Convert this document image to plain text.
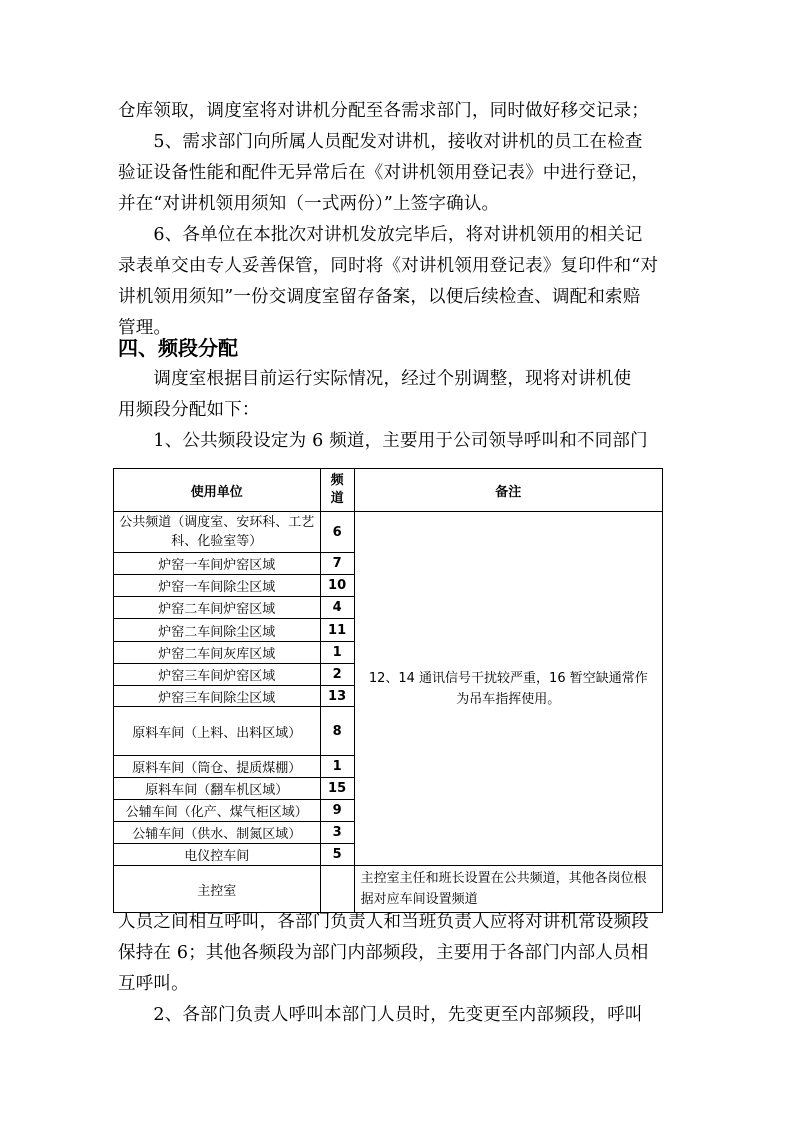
仓库领取，调度室将对讲机分配至各需求部门，同时做好移交记录；
　　5、需求部门向所属人员配发对讲机，接收对讲机的员工在检查
验证设备性能和配件无异常后在《对讲机领用登记表》中进行登记，
并在“对讲机领用须知（一式两份）”上签字确认。
　　6、各单位在本批次对讲机发放完毕后，将对讲机领用的相关记
录表单交由专人妥善保管，同时将《对讲机领用登记表》复印件和“对
讲机领用须知”一份交调度室留存备案，以便后续检查、调配和索赔
管理。
四、频段分配
　　调度室根据目前运行实际情况，经过个别调整，现将对讲机使
用频段分配如下：
　　1、公共频段设定为 6 频道，主要用于公司领导呼叫和不同部门
使用单位	频道	备注
公共频道（调度室、安环科、工艺科、化验室等）	6	12、14 通讯信号干扰较严重，16 暂空缺通常作为吊车指挥使用。
炉窑一车间炉窑区域	7	
炉窑一车间除尘区域	10	
炉窑二车间炉窑区域	4	
炉窑二车间除尘区域	11	
炉窑二车间灰库区域	1	
炉窑三车间炉窑区域	2	
炉窑三车间除尘区域	13	
原料车间（上料、出料区域）	8	
原料车间（筒仓、提质煤棚）	1	
原料车间（翻车机区域）	15	
公辅车间（化产、煤气柜区域）	9	
公辅车间（供水、制氮区域）	3	
电仪控车间	5	
主控室		主控室主任和班长设置在公共频道，其他各岗位根据对应车间设置频道
人员之间相互呼叫，各部门负责人和当班负责人应将对讲机常设频段
保持在 6；其他各频段为部门内部频段，主要用于各部门内部人员相
互呼叫。
　　2、各部门负责人呼叫本部门人员时，先变更至内部频段，呼叫
